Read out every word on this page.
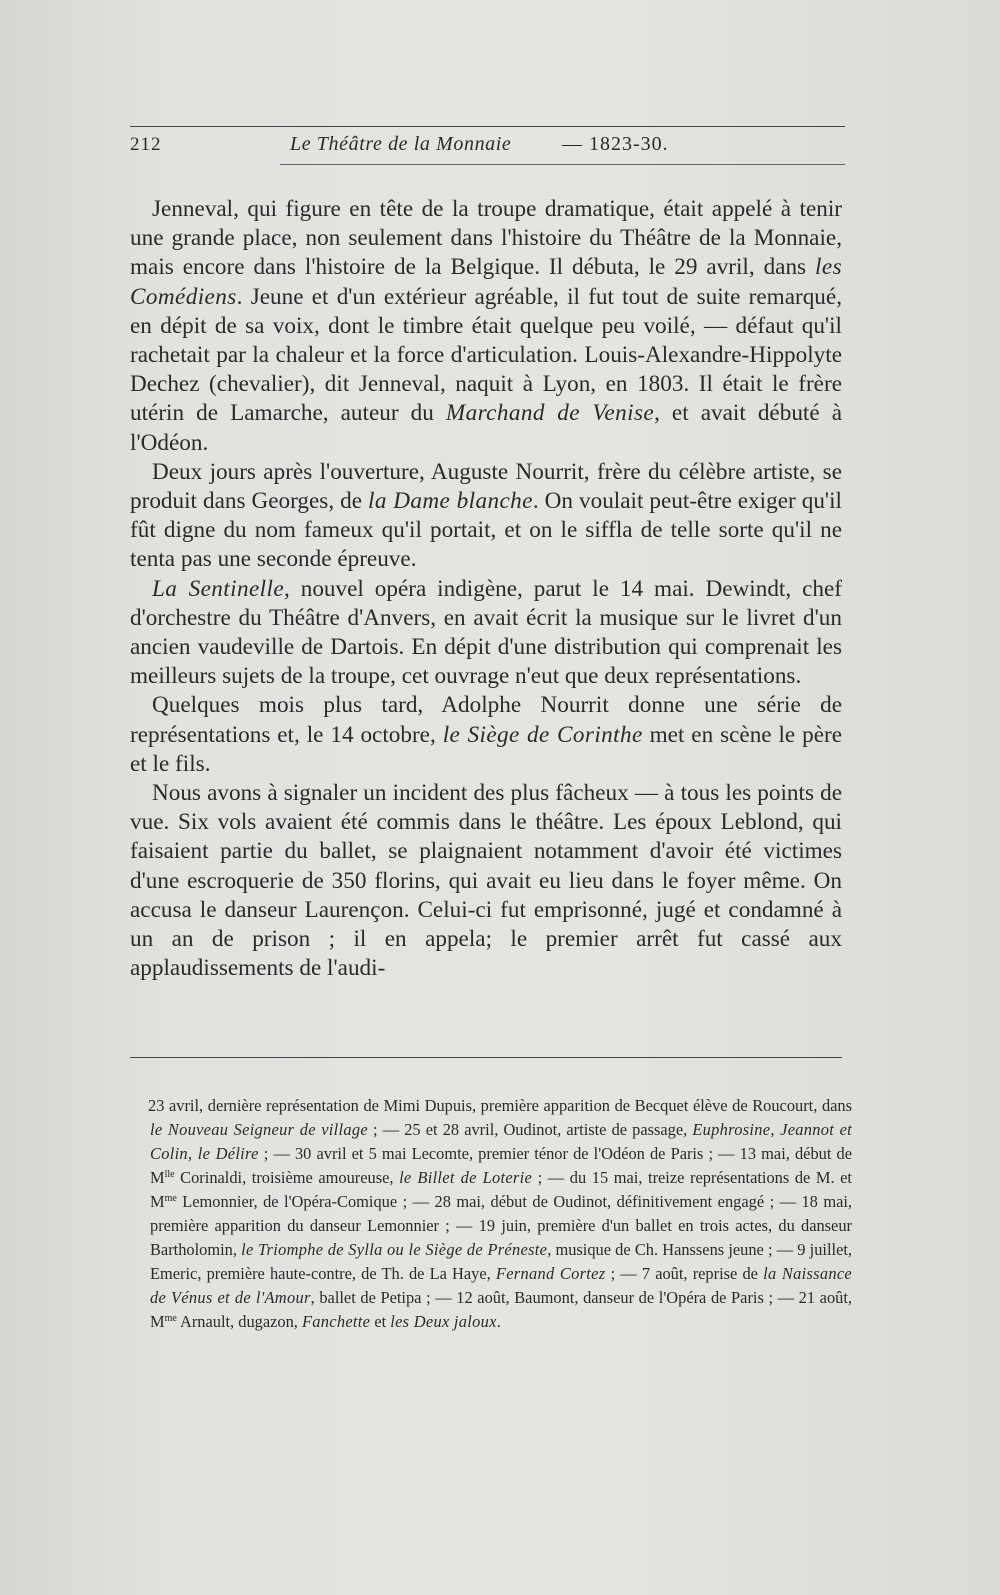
212	Le Théâtre de la Monnaie	— 1823-30.

Jenneval, qui figure en tête de la troupe dramatique, était appelé à tenir une grande place, non seulement dans l'histoire du Théâtre de la Monnaie, mais encore dans l'histoire de la Belgique. Il débuta, le 29 avril, dans les Comédiens. Jeune et d'un extérieur agréable, il fut tout de suite remarqué, en dépit de sa voix, dont le timbre était quelque peu voilé, — défaut qu'il rachetait par la chaleur et la force d'articulation. Louis-Alexandre-Hippolyte Dechez (chevalier), dit Jenneval, naquit à Lyon, en 1803. Il était le frère utérin de Lamarche, auteur du Marchand de Venise, et avait débuté à l'Odéon.

Deux jours après l'ouverture, Auguste Nourrit, frère du célèbre artiste, se produit dans Georges, de la Dame blanche. On voulait peut-être exiger qu'il fût digne du nom fameux qu'il portait, et on le siffla de telle sorte qu'il ne tenta pas une seconde épreuve.

La Sentinelle, nouvel opéra indigène, parut le 14 mai. Dewindt, chef d'orchestre du Théâtre d'Anvers, en avait écrit la musique sur le livret d'un ancien vaudeville de Dartois. En dépit d'une distribution qui comprenait les meilleurs sujets de la troupe, cet ouvrage n'eut que deux représentations.

Quelques mois plus tard, Adolphe Nourrit donne une série de représentations et, le 14 octobre, le Siège de Corinthe met en scène le père et le fils.

Nous avons à signaler un incident des plus fâcheux — à tous les points de vue. Six vols avaient été commis dans le théâtre. Les époux Leblond, qui faisaient partie du ballet, se plaignaient notamment d'avoir été victimes d'une escroquerie de 350 florins, qui avait eu lieu dans le foyer même. On accusa le danseur Laurençon. Celui-ci fut emprisonné, jugé et condamné à un an de prison ; il en appela; le premier arrêt fut cassé aux applaudissements de l'audi-

23 avril, dernière représentation de Mimi Dupuis, première apparition de Becquet élève de Roucourt, dans le Nouveau Seigneur de village ; — 25 et 28 avril, Oudinot, artiste de passage, Euphrosine, Jeannot et Colin, le Délire ; — 30 avril et 5 mai Lecomte, premier ténor de l'Odéon de Paris ; — 13 mai, début de $M^{lle}$ Corinaldi, troisième amoureuse, le Billet de Loterie ; — du 15 mai, treize représentations de M. et $M^{me}$ Lemonnier, de l'Opéra-Comique ; — 28 mai, début de Oudinot, définitivement engagé ; — 18 mai, première apparition du danseur Lemonnier ; — 19 juin, première d'un ballet en trois actes, du danseur Bartholomin, le Triomphe de Sylla ou le Siège de Préneste, musique de Ch. Hanssens jeune ; — 9 juillet, Emeric, première haute-contre, de Th. de La Haye, Fernand Cortez ; — 7 août, reprise de la Naissance de Vénus et de l'Amour, ballet de Petipa ; — 12 août, Baumont, danseur de l'Opéra de Paris ; — 21 août, $M^{me}$ Arnault, dugazon, Fanchette et les Deux jaloux.
